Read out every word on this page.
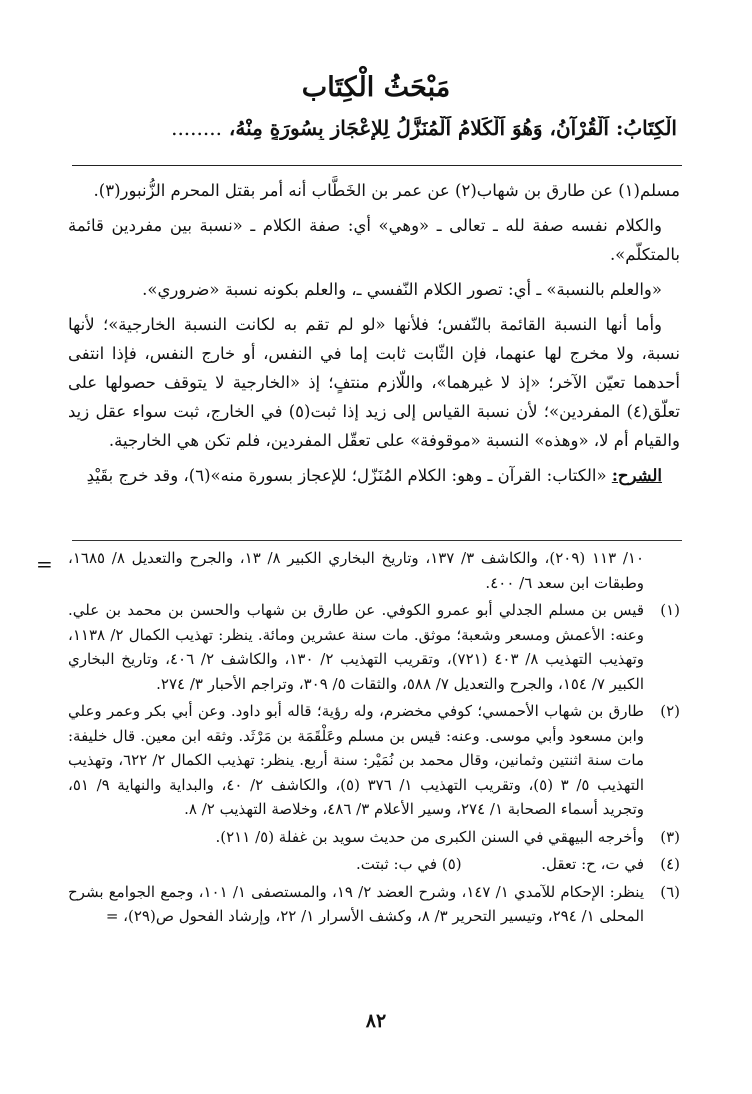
مَبْحَثُ الْكِتَاب
الْكِتَابُ: اَلْقُرْآنُ، وَهُوَ اَلْكَلامُ اَلْمُنَزَّلُ لِلإِعْجَازِ بِسُورَةٍ مِنْهُ، ........

مسلم(١) عن طارق بن شهاب(٢) عن عمر بن الخَطَّاب أنه أمر بقتل المحرم الزُّنبور(٣).

والكلام نفسه صفة لله ـ تعالى ـ «وهي» أي: صفة الكلام ـ «نسبة بين مفردين قائمة بالمتكلّم».

«والعلم بالنسبة» ـ أي: تصور الكلام النّفسي ـ، والعلم بكونه نسبة «ضروري».

وأما أنها النسبة القائمة بالنّفس؛ فلأنها «لو لم تقم به لكانت النسبة الخارجية»؛ لأنها نسبة، ولا مخرج لها عنهما، فإن الثّابت ثابت إما في النفس، أو خارج النفس، فإذا انتفى أحدهما تعيّن الآخر؛ «إذ لا غيرهما»، واللّازم منتفٍ؛ إذ «الخارجية لا يتوقف حصولها على تعلّق(٤) المفردين»؛ لأن نسبة القياس إلى زيد إذا ثبت(٥) في الخارج، ثبت سواء عقل زيد والقيام أم لا، «وهذه» النسبة «موقوفة» على تعقّل المفردين، فلم تكن هي الخارجية.

الشرح: «الكتاب: القرآن ـ وهو: الكلام المُنَزّل؛ للإعجاز بسورة منه»(٦)، وقد خرج بقَيْدِ

= ١٠/ ١١٣ (٢٠٩)، والكاشف ٣/ ١٣٧، وتاريخ البخاري الكبير ٨/ ١٣، والجرح والتعديل ٨/ ١٦٨٥، وطبقات ابن سعد ٦/ ٤٠٠.
(١)
قيس بن مسلم الجدلي أبو عمرو الكوفي. عن طارق بن شهاب والحسن بن محمد بن علي. وعنه: الأعمش ومسعر وشعبة؛ موثق. مات سنة عشرين ومائة. ينظر: تهذيب الكمال ٢/ ١١٣٨، وتهذيب التهذيب ٨/ ٤٠٣ (٧٢١)، وتقريب التهذيب ٢/ ١٣٠، والكاشف ٢/ ٤٠٦، وتاريخ البخاري الكبير ٧/ ١٥٤، والجرح والتعديل ٧/ ٥٨٨، والثقات ٥/ ٣٠٩، وتراجم الأحبار ٣/ ٢٧٤.
(٢)
طارق بن شهاب الأحمسي؛ كوفي مخضرم، وله رؤية؛ قاله أبو داود. وعن أبي بكر وعمر وعلي وابن مسعود وأبي موسى. وعنه: قيس بن مسلم وعَلْقَمَة بن مَرْثَد. وثقه ابن معين. قال خليفة: مات سنة اثنتين وثمانين، وقال محمد بن نُمَيْر: سنة أربع. ينظر: تهذيب الكمال ٢/ ٦٢٢، وتهذيب التهذيب ٥/ ٣ (٥)، وتقريب التهذيب ١/ ٣٧٦ (٥)، والكاشف ٢/ ٤٠، والبداية والنهاية ٩/ ٥١، وتجريد أسماء الصحابة ١/ ٢٧٤، وسير الأعلام ٣/ ٤٨٦، وخلاصة التهذيب ٢/ ٨.
(٣)
وأخرجه البيهقي في السنن الكبرى من حديث سويد بن غفلة (٥/ ٢١١).
(٤)
في ت، ح: تعقل.  (٥) في ب: ثبتت.
(٦)
ينظر: الإحكام للآمدي ١/ ١٤٧، وشرح العضد ٢/ ١٩، والمستصفى ١/ ١٠١، وجمع الجوامع بشرح المحلى ١/ ٢٩٤، وتيسير التحرير ٣/ ٨، وكشف الأسرار ١/ ٢٢، وإرشاد الفحول ص(٢٩)، =
٨٢
